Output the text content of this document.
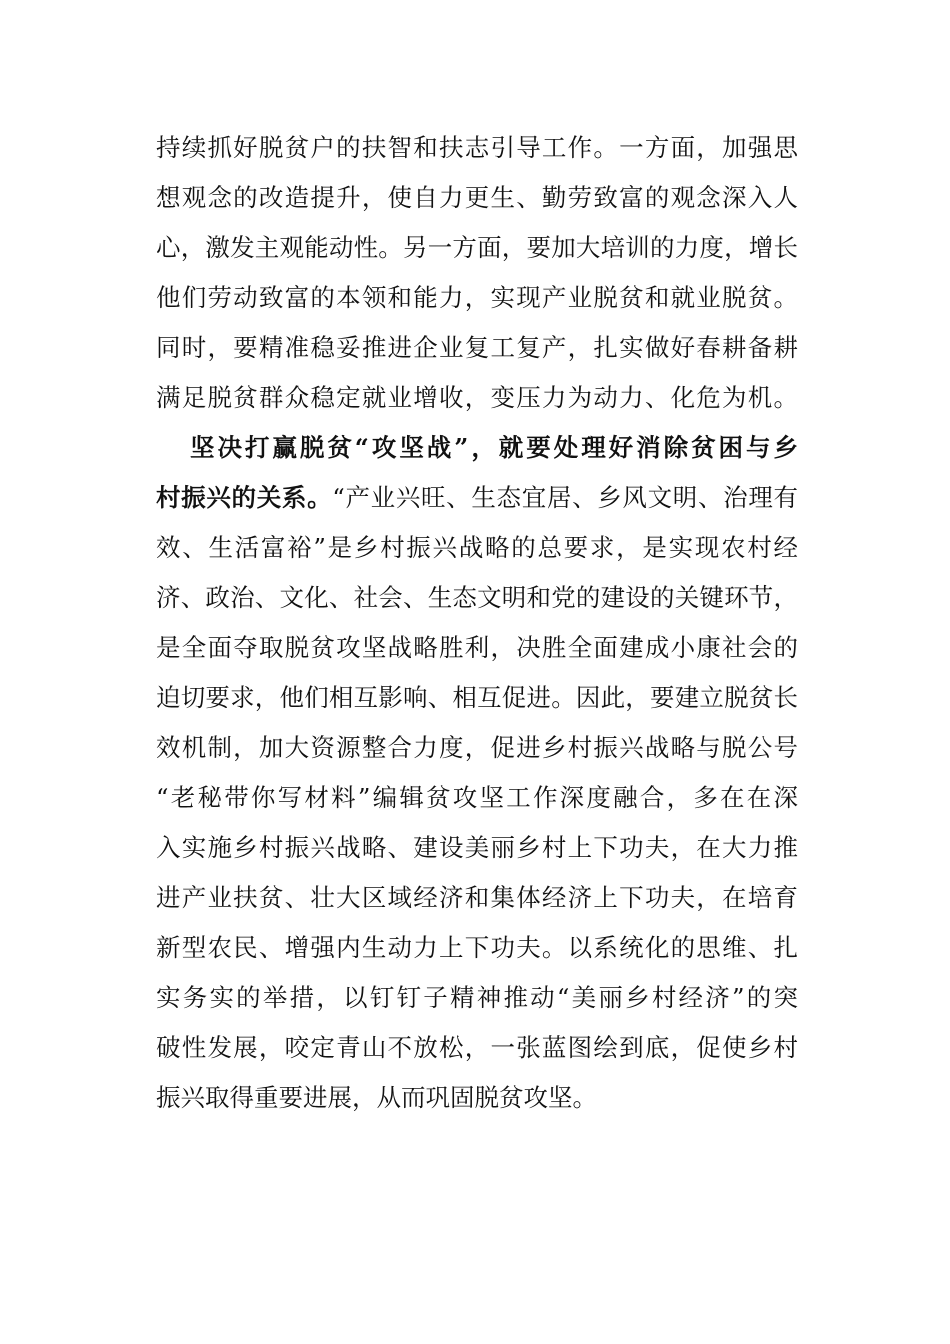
持续抓好脱贫户的扶智和扶志引导工作。一方面，加强思
想观念的改造提升，使自力更生、勤劳致富的观念深入人
心，激发主观能动性。另一方面，要加大培训的力度，增长
他们劳动致富的本领和能力，实现产业脱贫和就业脱贫。
同时，要精准稳妥推进企业复工复产，扎实做好春耕备耕
满足脱贫群众稳定就业增收，变压力为动力、化危为机。
坚决打赢脱贫“攻坚战”，就要处理好消除贫困与乡
村振兴的关系。“产业兴旺、生态宜居、乡风文明、治理有
效、生活富裕”是乡村振兴战略的总要求，是实现农村经
济、政治、文化、社会、生态文明和党的建设的关键环节，
是全面夺取脱贫攻坚战略胜利，决胜全面建成小康社会的
迫切要求，他们相互影响、相互促进。因此，要建立脱贫长
效机制，加大资源整合力度，促进乡村振兴战略与脱公号
“老秘带你写材料”编辑贫攻坚工作深度融合，多在在深
入实施乡村振兴战略、建设美丽乡村上下功夫，在大力推
进产业扶贫、壮大区域经济和集体经济上下功夫，在培育
新型农民、增强内生动力上下功夫。以系统化的思维、扎
实务实的举措，以钉钉子精神推动“美丽乡村经济”的突
破性发展，咬定青山不放松，一张蓝图绘到底，促使乡村
振兴取得重要进展，从而巩固脱贫攻坚。
